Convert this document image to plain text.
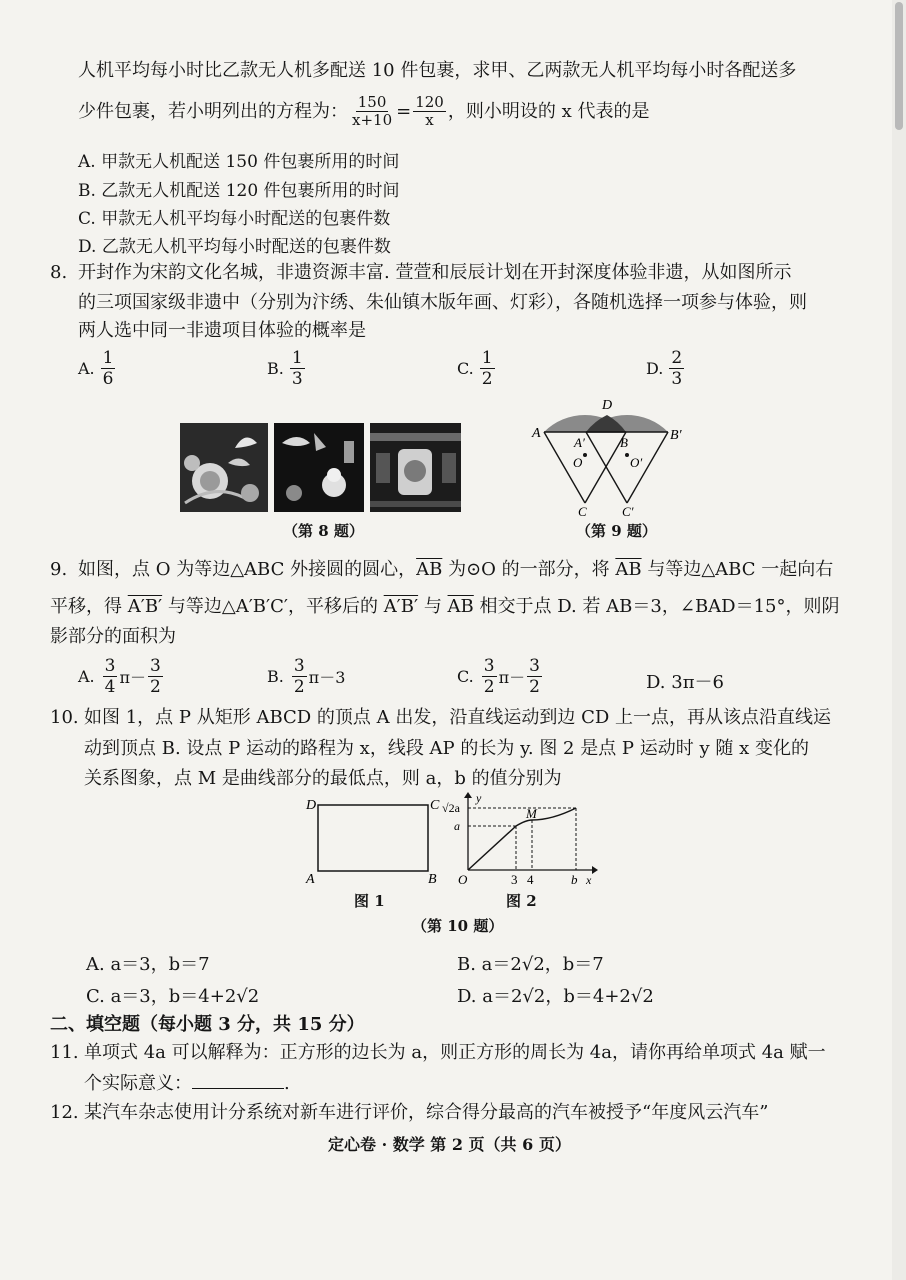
人机平均每小时比乙款无人机多配送 10 件包裹，求甲、乙两款无人机平均每小时各配送多
少件包裹，若小明列出的方程为： $\frac{150}{x+10} = \frac{120}{x}$ ，则小明设的 x 代表的是
A. 甲款无人机配送 150 件包裹所用的时间
B. 乙款无人机配送 120 件包裹所用的时间
C. 甲款无人机平均每小时配送的包裹件数
D. 乙款无人机平均每小时配送的包裹件数
8. 开封作为宋韵文化名城，非遗资源丰富. 萱萱和辰辰计划在开封深度体验非遗，从如图所示
的三项国家级非遗中（分别为汴绣、朱仙镇木版年画、灯彩），各随机选择一项参与体验，则
两人选中同一非遗项目体验的概率是
A. $\frac{1}{6}$	B. $\frac{1}{3}$	C. $\frac{1}{2}$	D. $\frac{2}{3}$
（第 8 题）
A
A′	B	B′
D
O	O′
C	C′
（第 9 题）
9. 如图，点 O 为等边△ABC 外接圆的圆心，$\overline{AB}$ 为⊙O 的一部分，将 $\overline{AB}$ 与等边△ABC 一起向右
平移，得 A′B′ 与等边△A′B′C′，平移后的 A′B′ 与 $\overline{AB}$ 相交于点 D. 若 AB＝3，∠BAD＝15°，则阴
影部分的面积为
A. $\frac{3}{4} \pi- \frac{3}{2}$	B. $\frac{3}{2} \pi-3$	C. $\frac{3}{2} \pi- \frac{3}{2}$	D. 3π－6
10. 如图 1，点 P 从矩形 ABCD 的顶点 A 出发，沿直线运动到边 CD 上一点，再从该点沿直线运
动到顶点 B. 设点 P 运动的路程为 x，线段 AP 的长为 y. 图 2 是点 P 运动时 y 随 x 变化的
关系图象，点 M 是曲线部分的最低点，则 a，b 的值分别为
D	C
A	B
图 1
√2a
y
a
M
O	3 4	b x
图 2
（第 10 题）
A. a＝3，b＝7	B. a＝2√2，b＝7
C. a＝3，b＝4+2√2	D. a＝2√2，b＝4+2√2
二、填空题（每小题 3 分，共 15 分）
11. 单项式 4a 可以解释为：正方形的边长为 a，则正方形的周长为 4a，请你再给单项式 4a 赋一
个实际意义：	.
12. 某汽车杂志使用计分系统对新车进行评价，综合得分最高的汽车被授予“年度风云汽车”
定心卷 · 数学 第 2 页（共 6 页）
